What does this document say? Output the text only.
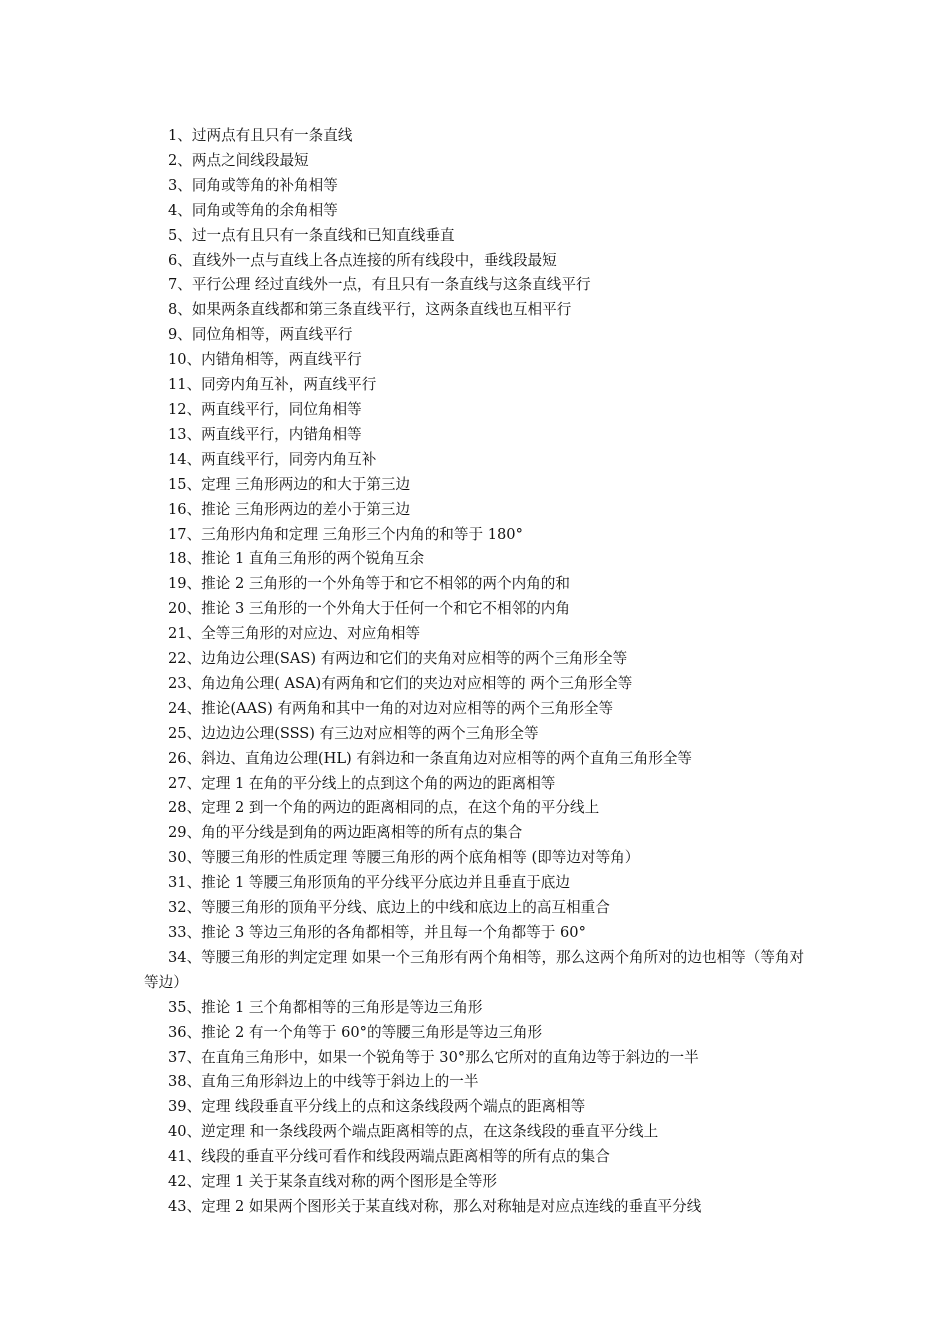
1、过两点有且只有一条直线
2、两点之间线段最短
3、同角或等角的补角相等
4、同角或等角的余角相等
5、过一点有且只有一条直线和已知直线垂直
6、直线外一点与直线上各点连接的所有线段中，垂线段最短
7、平行公理 经过直线外一点，有且只有一条直线与这条直线平行
8、如果两条直线都和第三条直线平行，这两条直线也互相平行
9、同位角相等，两直线平行
10、内错角相等，两直线平行
11、同旁内角互补，两直线平行
12、两直线平行，同位角相等
13、两直线平行，内错角相等
14、两直线平行，同旁内角互补
15、定理 三角形两边的和大于第三边
16、推论 三角形两边的差小于第三边
17、三角形内角和定理 三角形三个内角的和等于 180°
18、推论 1 直角三角形的两个锐角互余
19、推论 2 三角形的一个外角等于和它不相邻的两个内角的和
20、推论 3 三角形的一个外角大于任何一个和它不相邻的内角
21、全等三角形的对应边、对应角相等
22、边角边公理(SAS) 有两边和它们的夹角对应相等的两个三角形全等
23、角边角公理( ASA)有两角和它们的夹边对应相等的 两个三角形全等
24、推论(AAS) 有两角和其中一角的对边对应相等的两个三角形全等
25、边边边公理(SSS) 有三边对应相等的两个三角形全等
26、斜边、直角边公理(HL) 有斜边和一条直角边对应相等的两个直角三角形全等
27、定理 1 在角的平分线上的点到这个角的两边的距离相等
28、定理 2 到一个角的两边的距离相同的点，在这个角的平分线上
29、角的平分线是到角的两边距离相等的所有点的集合
30、等腰三角形的性质定理 等腰三角形的两个底角相等 (即等边对等角）
31、推论 1 等腰三角形顶角的平分线平分底边并且垂直于底边
32、等腰三角形的顶角平分线、底边上的中线和底边上的高互相重合
33、推论 3 等边三角形的各角都相等，并且每一个角都等于 60°
34、等腰三角形的判定定理 如果一个三角形有两个角相等，那么这两个角所对的边也相等（等角对等边）
35、推论 1 三个角都相等的三角形是等边三角形
36、推论 2 有一个角等于 60°的等腰三角形是等边三角形
37、在直角三角形中，如果一个锐角等于 30°那么它所对的直角边等于斜边的一半
38、直角三角形斜边上的中线等于斜边上的一半
39、定理 线段垂直平分线上的点和这条线段两个端点的距离相等
40、逆定理 和一条线段两个端点距离相等的点，在这条线段的垂直平分线上
41、线段的垂直平分线可看作和线段两端点距离相等的所有点的集合
42、定理 1 关于某条直线对称的两个图形是全等形
43、定理 2 如果两个图形关于某直线对称，那么对称轴是对应点连线的垂直平分线
